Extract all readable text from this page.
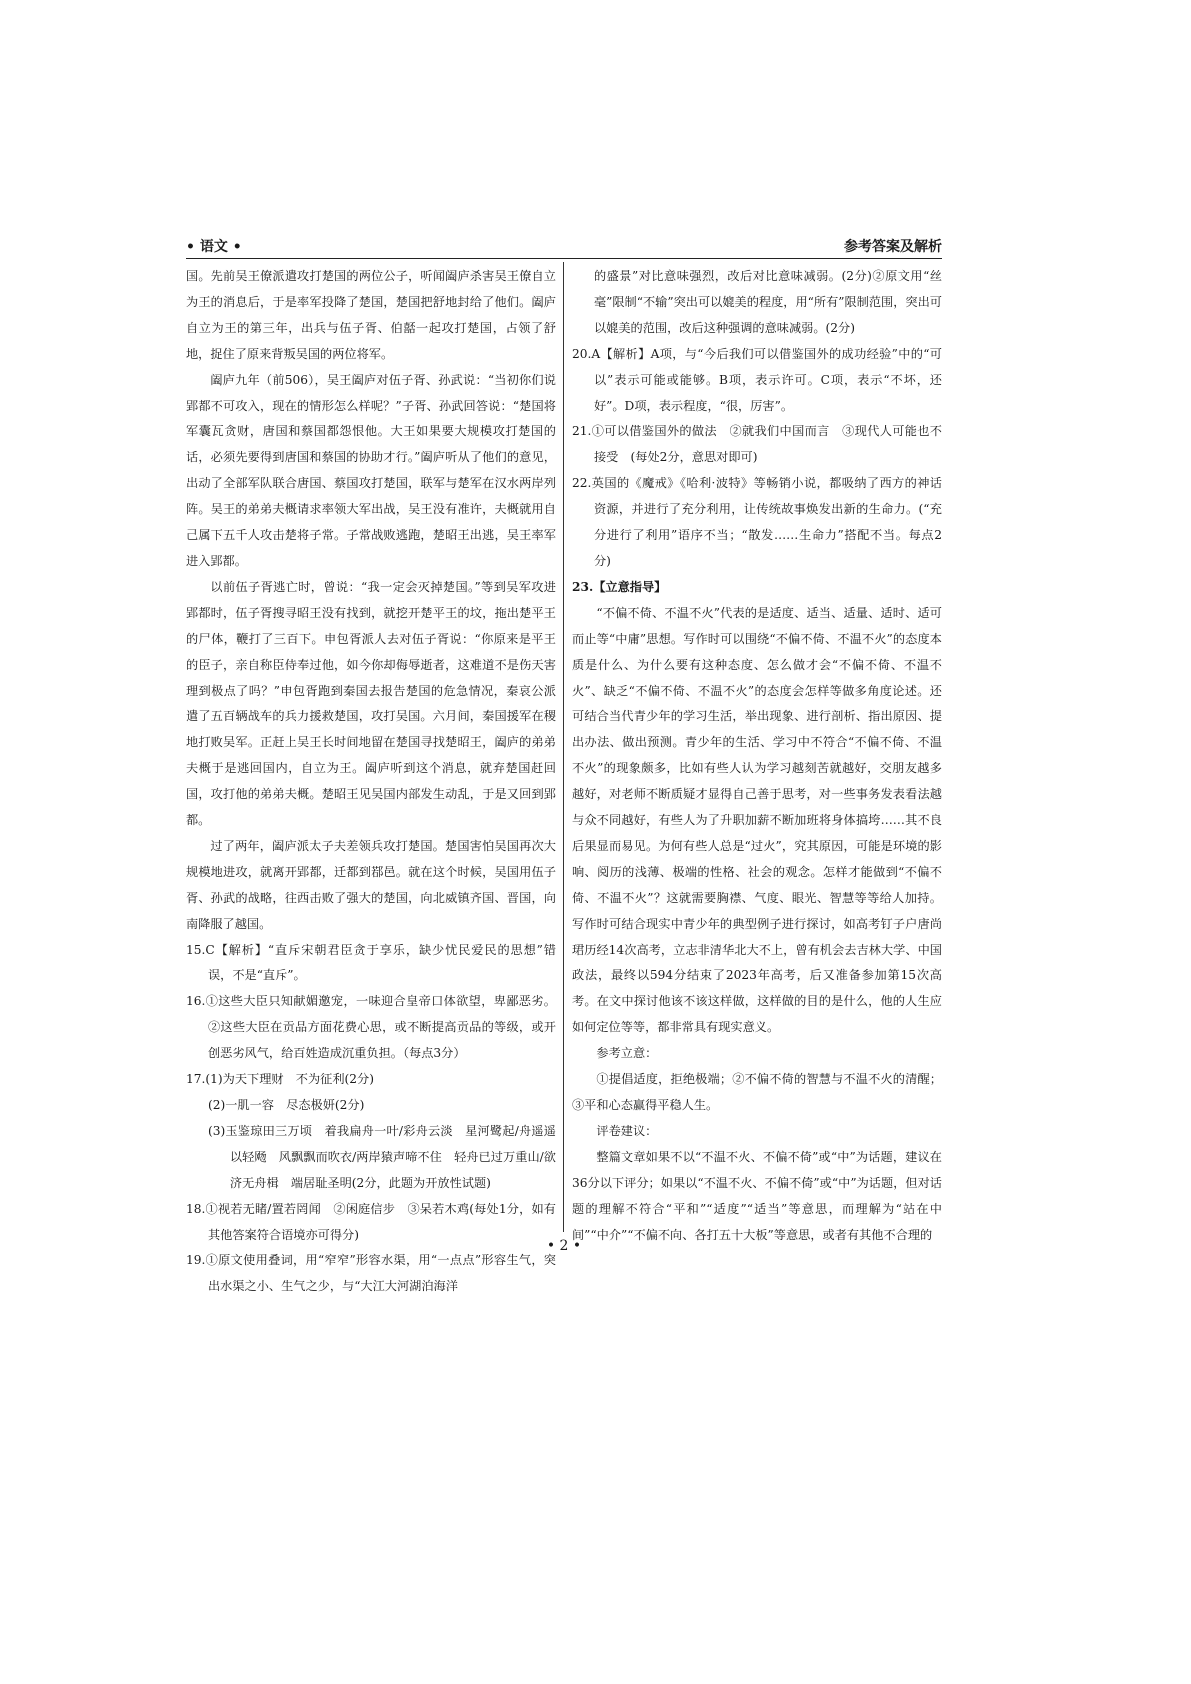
• 语文 •	参考答案及解析

国。先前吴王僚派遣攻打楚国的两位公子，听闻阖庐杀害吴王僚自立为王的消息后，于是率军投降了楚国，楚国把舒地封给了他们。阖庐自立为王的第三年，出兵与伍子胥、伯嚭一起攻打楚国，占领了舒地，捉住了原来背叛吴国的两位将军。

阖庐九年（前506），吴王阖庐对伍子胥、孙武说：“当初你们说郢都不可攻入，现在的情形怎么样呢？”子胥、孙武回答说：“楚国将军囊瓦贪财，唐国和蔡国都怨恨他。大王如果要大规模攻打楚国的话，必须先要得到唐国和蔡国的协助才行。”阖庐听从了他们的意见，出动了全部军队联合唐国、蔡国攻打楚国，联军与楚军在汉水两岸列阵。吴王的弟弟夫概请求率领大军出战，吴王没有准许，夫概就用自己属下五千人攻击楚将子常。子常战败逃跑，楚昭王出逃，吴王率军进入郢都。

以前伍子胥逃亡时，曾说：“我一定会灭掉楚国。”等到吴军攻进郢都时，伍子胥搜寻昭王没有找到，就挖开楚平王的坟，拖出楚平王的尸体，鞭打了三百下。申包胥派人去对伍子胥说：“你原来是平王的臣子，亲自称臣侍奉过他，如今你却侮辱逝者，这难道不是伤天害理到极点了吗？”申包胥跑到秦国去报告楚国的危急情况，秦哀公派遣了五百辆战车的兵力援救楚国，攻打吴国。六月间，秦国援军在稷地打败吴军。正赶上吴王长时间地留在楚国寻找楚昭王，阖庐的弟弟夫概于是逃回国内，自立为王。阖庐听到这个消息，就弃楚国赶回国，攻打他的弟弟夫概。楚昭王见吴国内部发生动乱，于是又回到郢都。

过了两年，阖庐派太子夫差领兵攻打楚国。楚国害怕吴国再次大规模地进攻，就离开郢都，迁都到鄀邑。就在这个时候，吴国用伍子胥、孙武的战略，往西击败了强大的楚国，向北威镇齐国、晋国，向南降服了越国。

15.C【解析】“直斥宋朝君臣贪于享乐，缺少忧民爱民的思想”错误，不是“直斥”。

16.①这些大臣只知献媚邀宠，一味迎合皇帝口体欲望，卑鄙恶劣。②这些大臣在贡品方面花费心思，或不断提高贡品的等级，或开创恶劣风气，给百姓造成沉重负担。（每点3分）

17.(1)为天下理财　不为征利(2分)

(2)一肌一容　尽态极妍(2分)

(3)玉鉴琼田三万顷　着我扁舟一叶/彩舟云淡　星河鹭起/舟遥遥以轻飏　风飘飘而吹衣/两岸猿声啼不住　轻舟已过万重山/欲济无舟楫　端居耻圣明(2分，此题为开放性试题)

18.①视若无睹/置若罔闻　②闲庭信步　③呆若木鸡(每处1分，如有其他答案符合语境亦可得分)

19.①原文使用叠词，用“窄窄”形容水渠，用“一点点”形容生气，突出水渠之小、生气之少，与“大江大河湖泊海洋

的盛景”对比意味强烈，改后对比意味减弱。(2分)②原文用“丝毫”限制“不输”突出可以媲美的程度，用“所有”限制范围，突出可以媲美的范围，改后这种强调的意味减弱。(2分)

20.A【解析】A项，与“今后我们可以借鉴国外的成功经验”中的“可以”表示可能或能够。B项，表示许可。C项，表示“不坏，还好”。D项，表示程度，“很，厉害”。

21.①可以借鉴国外的做法　②就我们中国而言　③现代人可能也不接受　(每处2分，意思对即可)

22.英国的《魔戒》《哈利·波特》等畅销小说，都吸纳了西方的神话资源，并进行了充分利用，让传统故事焕发出新的生命力。(“充分进行了利用”语序不当；“散发……生命力”搭配不当。每点2分)

23.【立意指导】

“不偏不倚、不温不火”代表的是适度、适当、适量、适时、适可而止等“中庸”思想。写作时可以围绕“不偏不倚、不温不火”的态度本质是什么、为什么要有这种态度、怎么做才会“不偏不倚、不温不火”、缺乏“不偏不倚、不温不火”的态度会怎样等做多角度论述。还可结合当代青少年的学习生活，举出现象、进行剖析、指出原因、提出办法、做出预测。青少年的生活、学习中不符合“不偏不倚、不温不火”的现象颇多，比如有些人认为学习越刻苦就越好，交朋友越多越好，对老师不断质疑才显得自己善于思考，对一些事务发表看法越与众不同越好，有些人为了升职加薪不断加班将身体搞垮……其不良后果显而易见。为何有些人总是“过火”，究其原因，可能是环境的影响、阅历的浅薄、极端的性格、社会的观念。怎样才能做到“不偏不倚、不温不火”？这就需要胸襟、气度、眼光、智慧等等给人加持。写作时可结合现实中青少年的典型例子进行探讨，如高考钉子户唐尚珺历经14次高考，立志非清华北大不上，曾有机会去吉林大学、中国政法，最终以594分结束了2023年高考，后又准备参加第15次高考。在文中探讨他该不该这样做，这样做的目的是什么，他的人生应如何定位等等，都非常具有现实意义。

参考立意：

①提倡适度，拒绝极端；②不偏不倚的智慧与不温不火的清醒；③平和心态赢得平稳人生。

评卷建议：

整篇文章如果不以“不温不火、不偏不倚”或“中”为话题，建议在36分以下评分；如果以“不温不火、不偏不倚”或“中”为话题，但对话题的理解不符合“平和”“适度”“适当”等意思，而理解为“站在中间”“中介”“不偏不向、各打五十大板”等意思，或者有其他不合理的

• 2 •
